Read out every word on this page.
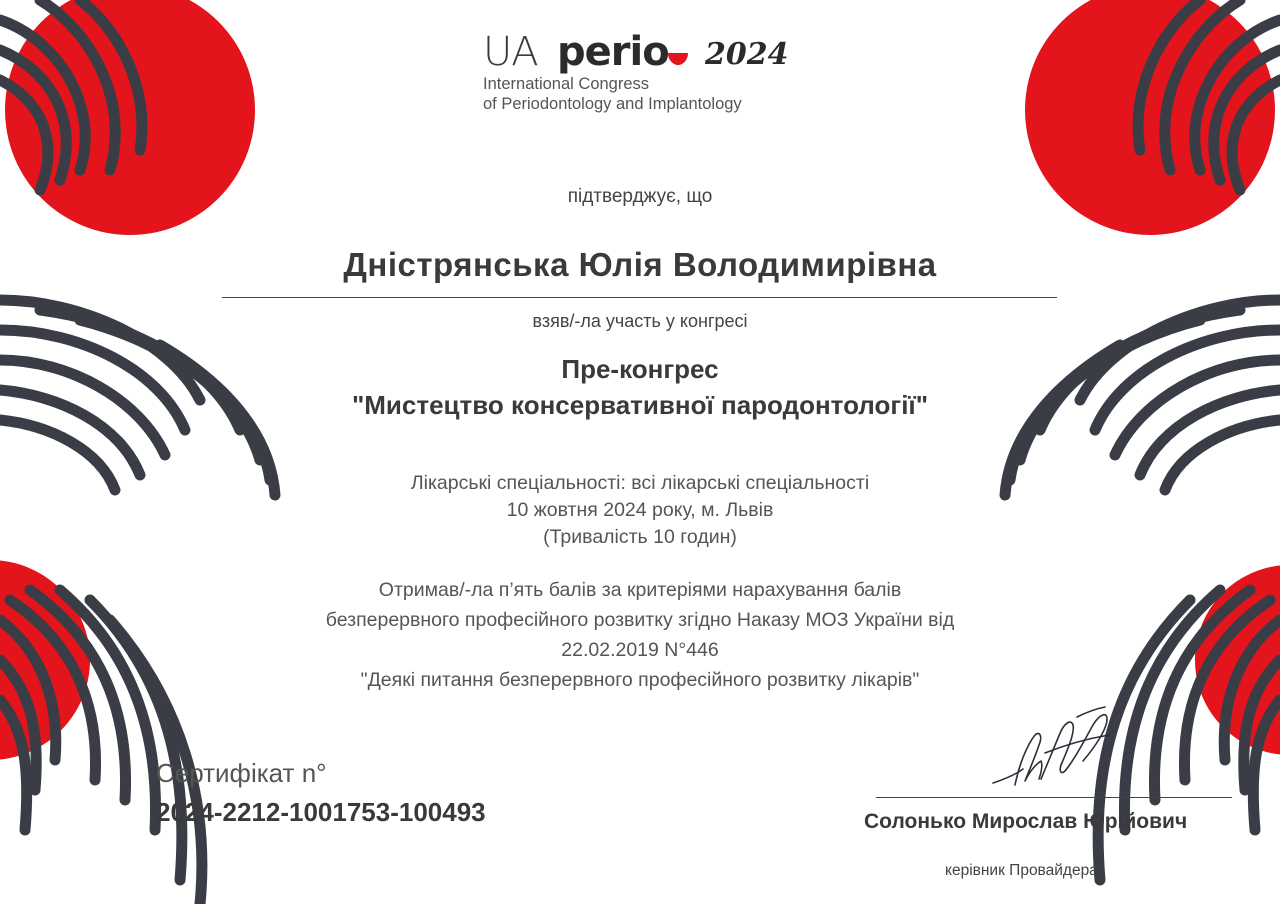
UA perio 2024
International Congress
of Periodontology and Implantology
підтверджує, що
Дністрянська Юлія Володимирівна
взяв/-ла участь у конгресі
Пре-конгрес
"Мистецтво консервативної пародонтології"
Лікарські спеціальності: всі лікарські спеціальності
10 жовтня 2024 року, м. Львів
(Тривалість 10 годин)
Отримав/-ла п’ять балів за критеріями нарахування балів
безперервного професійного розвитку згідно Наказу МОЗ України від
22.02.2019 N°446
"Деякі питання безперервного професійного розвитку лікарів"
Сертифікат n°
2024-2212-1001753-100493	Солонько Мирослав Юрійович
керівник Провайдера
